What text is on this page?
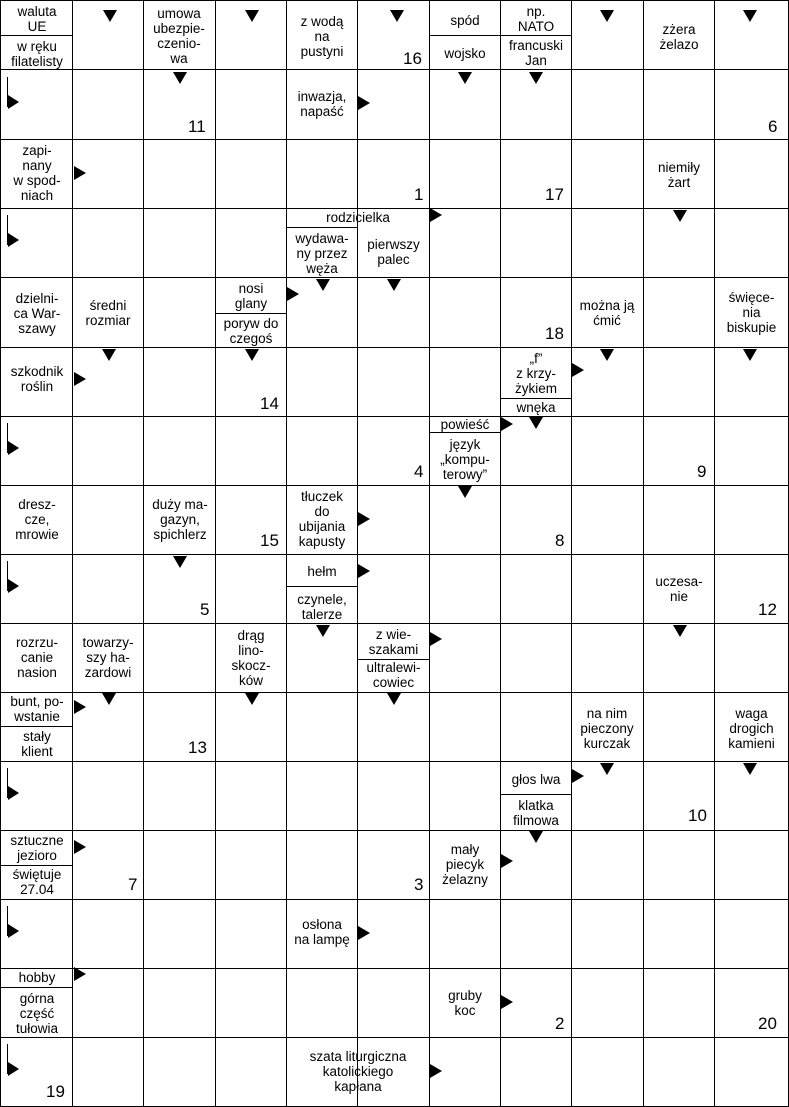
waluta
UE
w ręku
filatelisty
umowa
ubezpie-
czenio-
wa
z wodą
na
pustyni
spód
wojsko
np.
NATO
francuski
Jan
zżera
żelazo
inwazja,
napaść
zapi-
nany
w spod-
niach
niemiły
żart
rodzicielka
wydawa-
ny przez
węża
pierwszy
palec
dzielni-
ca War-
szawy
średni
rozmiar
nosi
glany
poryw do
czegoś
można ją
ćmić
święce-
nia
biskupie
szkodnik
roślin
„f”
z krzy-
żykiem
wnęka
powieść
język
„kompu-
terowy”
dresz-
cze,
mrowie
duży ma-
gazyn,
spichlerz
tłuczek
do
ubijania
kapusty
hełm
czynele,
talerze
uczesa-
nie
rozrzu-
canie
nasion
towarzy-
szy ha-
zardowi
drąg
lino-
skocz-
ków
z wie-
szakami
ultralewi-
cowiec
bunt, po-
wstanie
stały
klient
na nim
pieczony
kurczak
waga
drogich
kamieni
głos lwa
klatka
filmowa
sztuczne
jezioro
świętuje
27.04
mały
piecyk
żelazny
osłona
na lampę
hobby
górna
część
tułowia
gruby
koc
szata liturgiczna
katolickiego
kapłana
16
11	6
1	17
18
14
4	9
15	8
5	12
13
10
7	3
2	20
19
